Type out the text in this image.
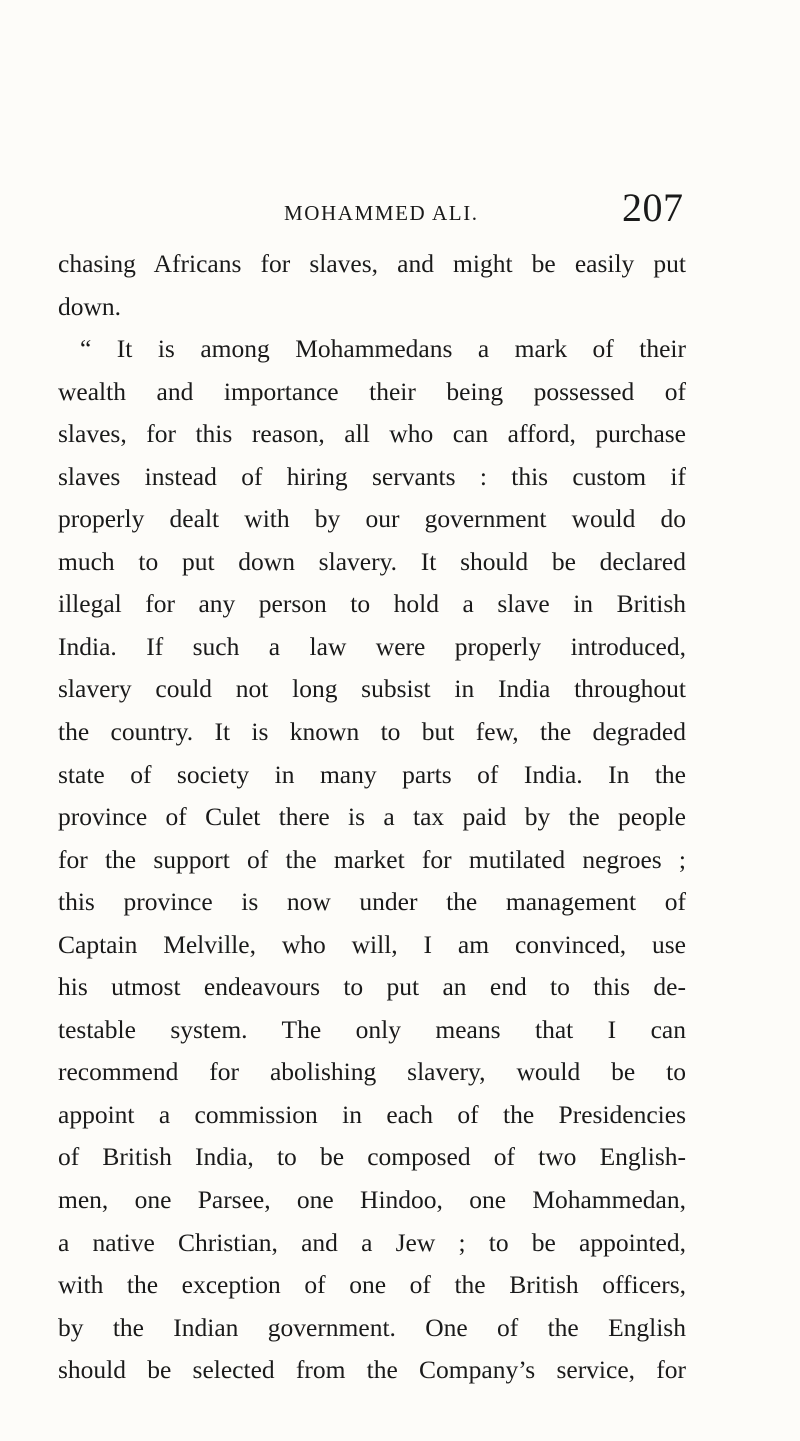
MOHAMMED ALI.	207
chasing Africans for slaves, and might be easily put
down.
“ It is among Mohammedans a mark of their
wealth and importance their being possessed of
slaves, for this reason, all who can afford, purchase
slaves instead of hiring servants : this custom if
properly dealt with by our government would do
much to put down slavery. It should be declared
illegal for any person to hold a slave in British
India. If such a law were properly introduced,
slavery could not long subsist in India throughout
the country. It is known to but few, the degraded
state of society in many parts of India. In the
province of Culet there is a tax paid by the people
for the support of the market for mutilated negroes ;
this province is now under the management of
Captain Melville, who will, I am convinced, use
his utmost endeavours to put an end to this de-
testable system. The only means that I can
recommend for abolishing slavery, would be to
appoint a commission in each of the Presidencies
of British India, to be composed of two English-
men, one Parsee, one Hindoo, one Mohammedan,
a native Christian, and a Jew ; to be appointed,
with the exception of one of the British officers,
by the Indian government. One of the English
should be selected from the Company’s service, for
